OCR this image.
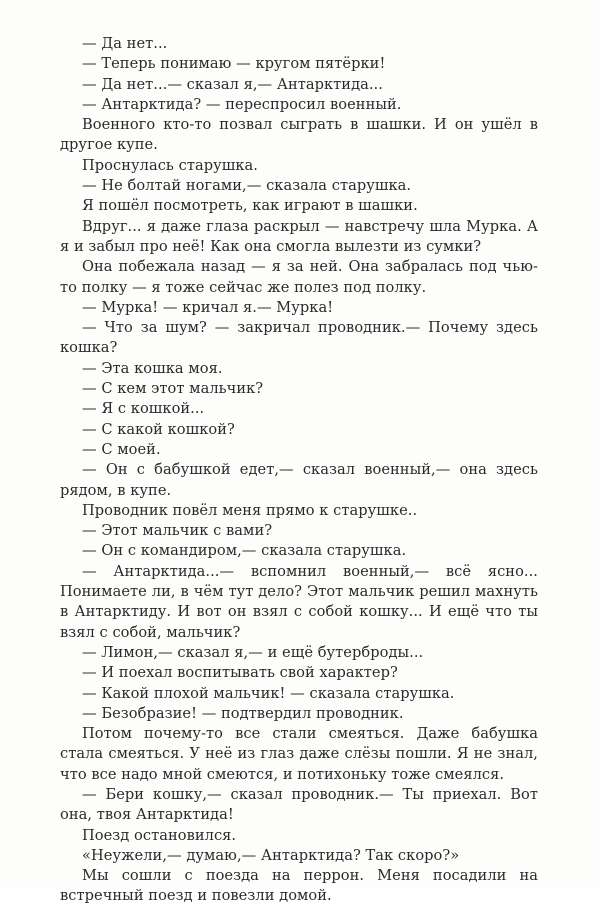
— Да нет...

— Теперь понимаю — кругом пятёрки!

— Да нет...— сказал я,— Антарктида...

— Антарктида? — переспросил военный.

Военного кто-то позвал сыграть в шашки. И он ушёл в другое купе.

Проснулась старушка.

— Не болтай ногами,— сказала старушка.

Я пошёл посмотреть, как играют в шашки.

Вдруг... я даже глаза раскрыл — навстречу шла Мурка. А я и забыл про неё! Как она смогла вылезти из сумки?

Она побежала назад — я за ней. Она забралась под чью-то полку — я тоже сейчас же полез под полку.

— Мурка! — кричал я.— Мурка!

— Что за шум? — закричал проводник.— Почему здесь кошка?

— Эта кошка моя.

— С кем этот мальчик?

— Я с кошкой...

— С какой кошкой?

— С моей.

— Он с бабушкой едет,— сказал военный,— она здесь рядом, в купе.

Проводник повёл меня прямо к старушке..

— Этот мальчик с вами?

— Он с командиром,— сказала старушка.

— Антарктида...— вспомнил военный,— всё ясно... Понимаете ли, в чём тут дело? Этот мальчик решил махнуть в Антарктиду. И вот он взял с собой кошку... И ещё что ты взял с собой, мальчик?

— Лимон,— сказал я,— и ещё бутерброды...

— И поехал воспитывать свой характер?

— Какой плохой мальчик! — сказала старушка.

— Безобразие! — подтвердил проводник.

Потом почему-то все стали смеяться. Даже бабушка стала смеяться. У неё из глаз даже слёзы пошли. Я не знал, что все надо мной смеются, и потихоньку тоже смеялся.

— Бери кошку,— сказал проводник.— Ты приехал. Вот она, твоя Антарктида!

Поезд остановился.

«Неужели,— думаю,— Антарктида? Так скоро?»

Мы сошли с поезда на перрон. Меня посадили на встречный поезд и повезли домой.
